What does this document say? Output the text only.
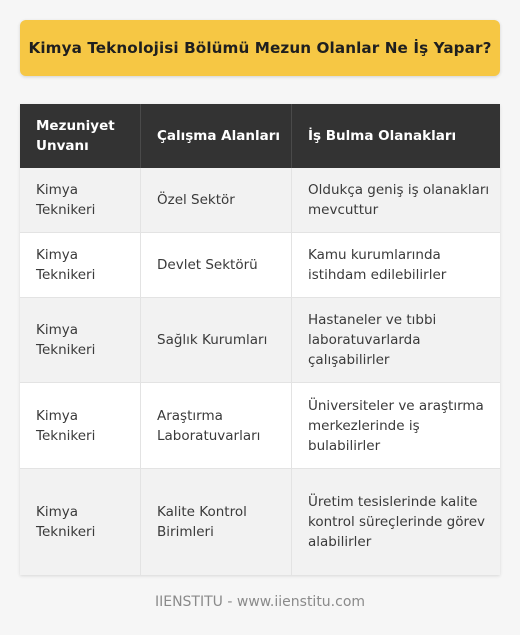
Kimya Teknolojisi Bölümü Mezun Olanlar Ne İş Yapar?
Mezuniyet Unvanı
Çalışma Alanları	İş Bulma Olanakları
Kimya Teknikeri
Özel Sektör
Oldukça geniş iş olanakları mevcuttur
Kimya Teknikeri
Devlet Sektörü
Kamu kurumlarında istihdam edilebilirler
Kimya Teknikeri
Sağlık Kurumları
Hastaneler ve tıbbi laboratuvarlarda çalışabilirler
Kimya Teknikeri
Araştırma Laboratuvarları
Üniversiteler ve araştırma merkezlerinde iş bulabilirler
Kimya Teknikeri
Kalite Kontrol Birimleri
Üretim tesislerinde kalite kontrol süreçlerinde görev alabilirler
IIENSTITU - www.iienstitu.com
